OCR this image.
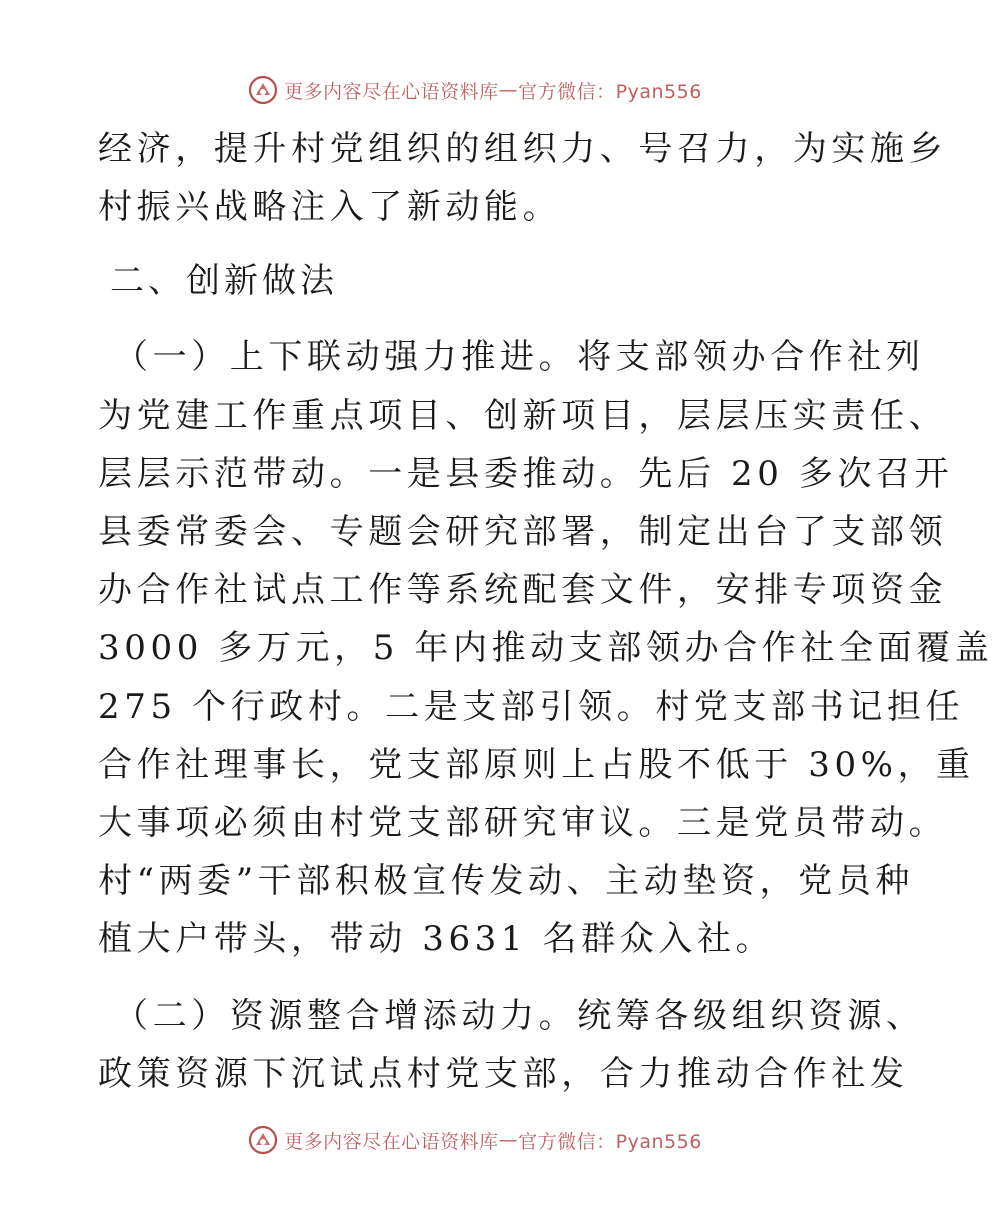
更多内容尽在心语资料库 — 官方微信：Pyan556
经济，提升村党组织的组织力、号召力，为实施乡
村振兴战略注入了新动能。
二、创新做法
（一）上下联动强力推进。将支部领办合作社列
为党建工作重点项目、创新项目，层层压实责任、
层层示范带动。一是县委推动。先后 20 多次召开
县委常委会、专题会研究部署，制定出台了支部领
办合作社试点工作等系统配套文件，安排专项资金
3000 多万元，5 年内推动支部领办合作社全面覆盖
275 个行政村。二是支部引领。村党支部书记担任
合作社理事长，党支部原则上占股不低于 30%，重
大事项必须由村党支部研究审议。三是党员带动。
村“两委”干部积极宣传发动、主动垫资，党员种
植大户带头，带动 3631 名群众入社。
（二）资源整合增添动力。统筹各级组织资源、
政策资源下沉试点村党支部，合力推动合作社发
更多内容尽在心语资料库 — 官方微信：Pyan556
